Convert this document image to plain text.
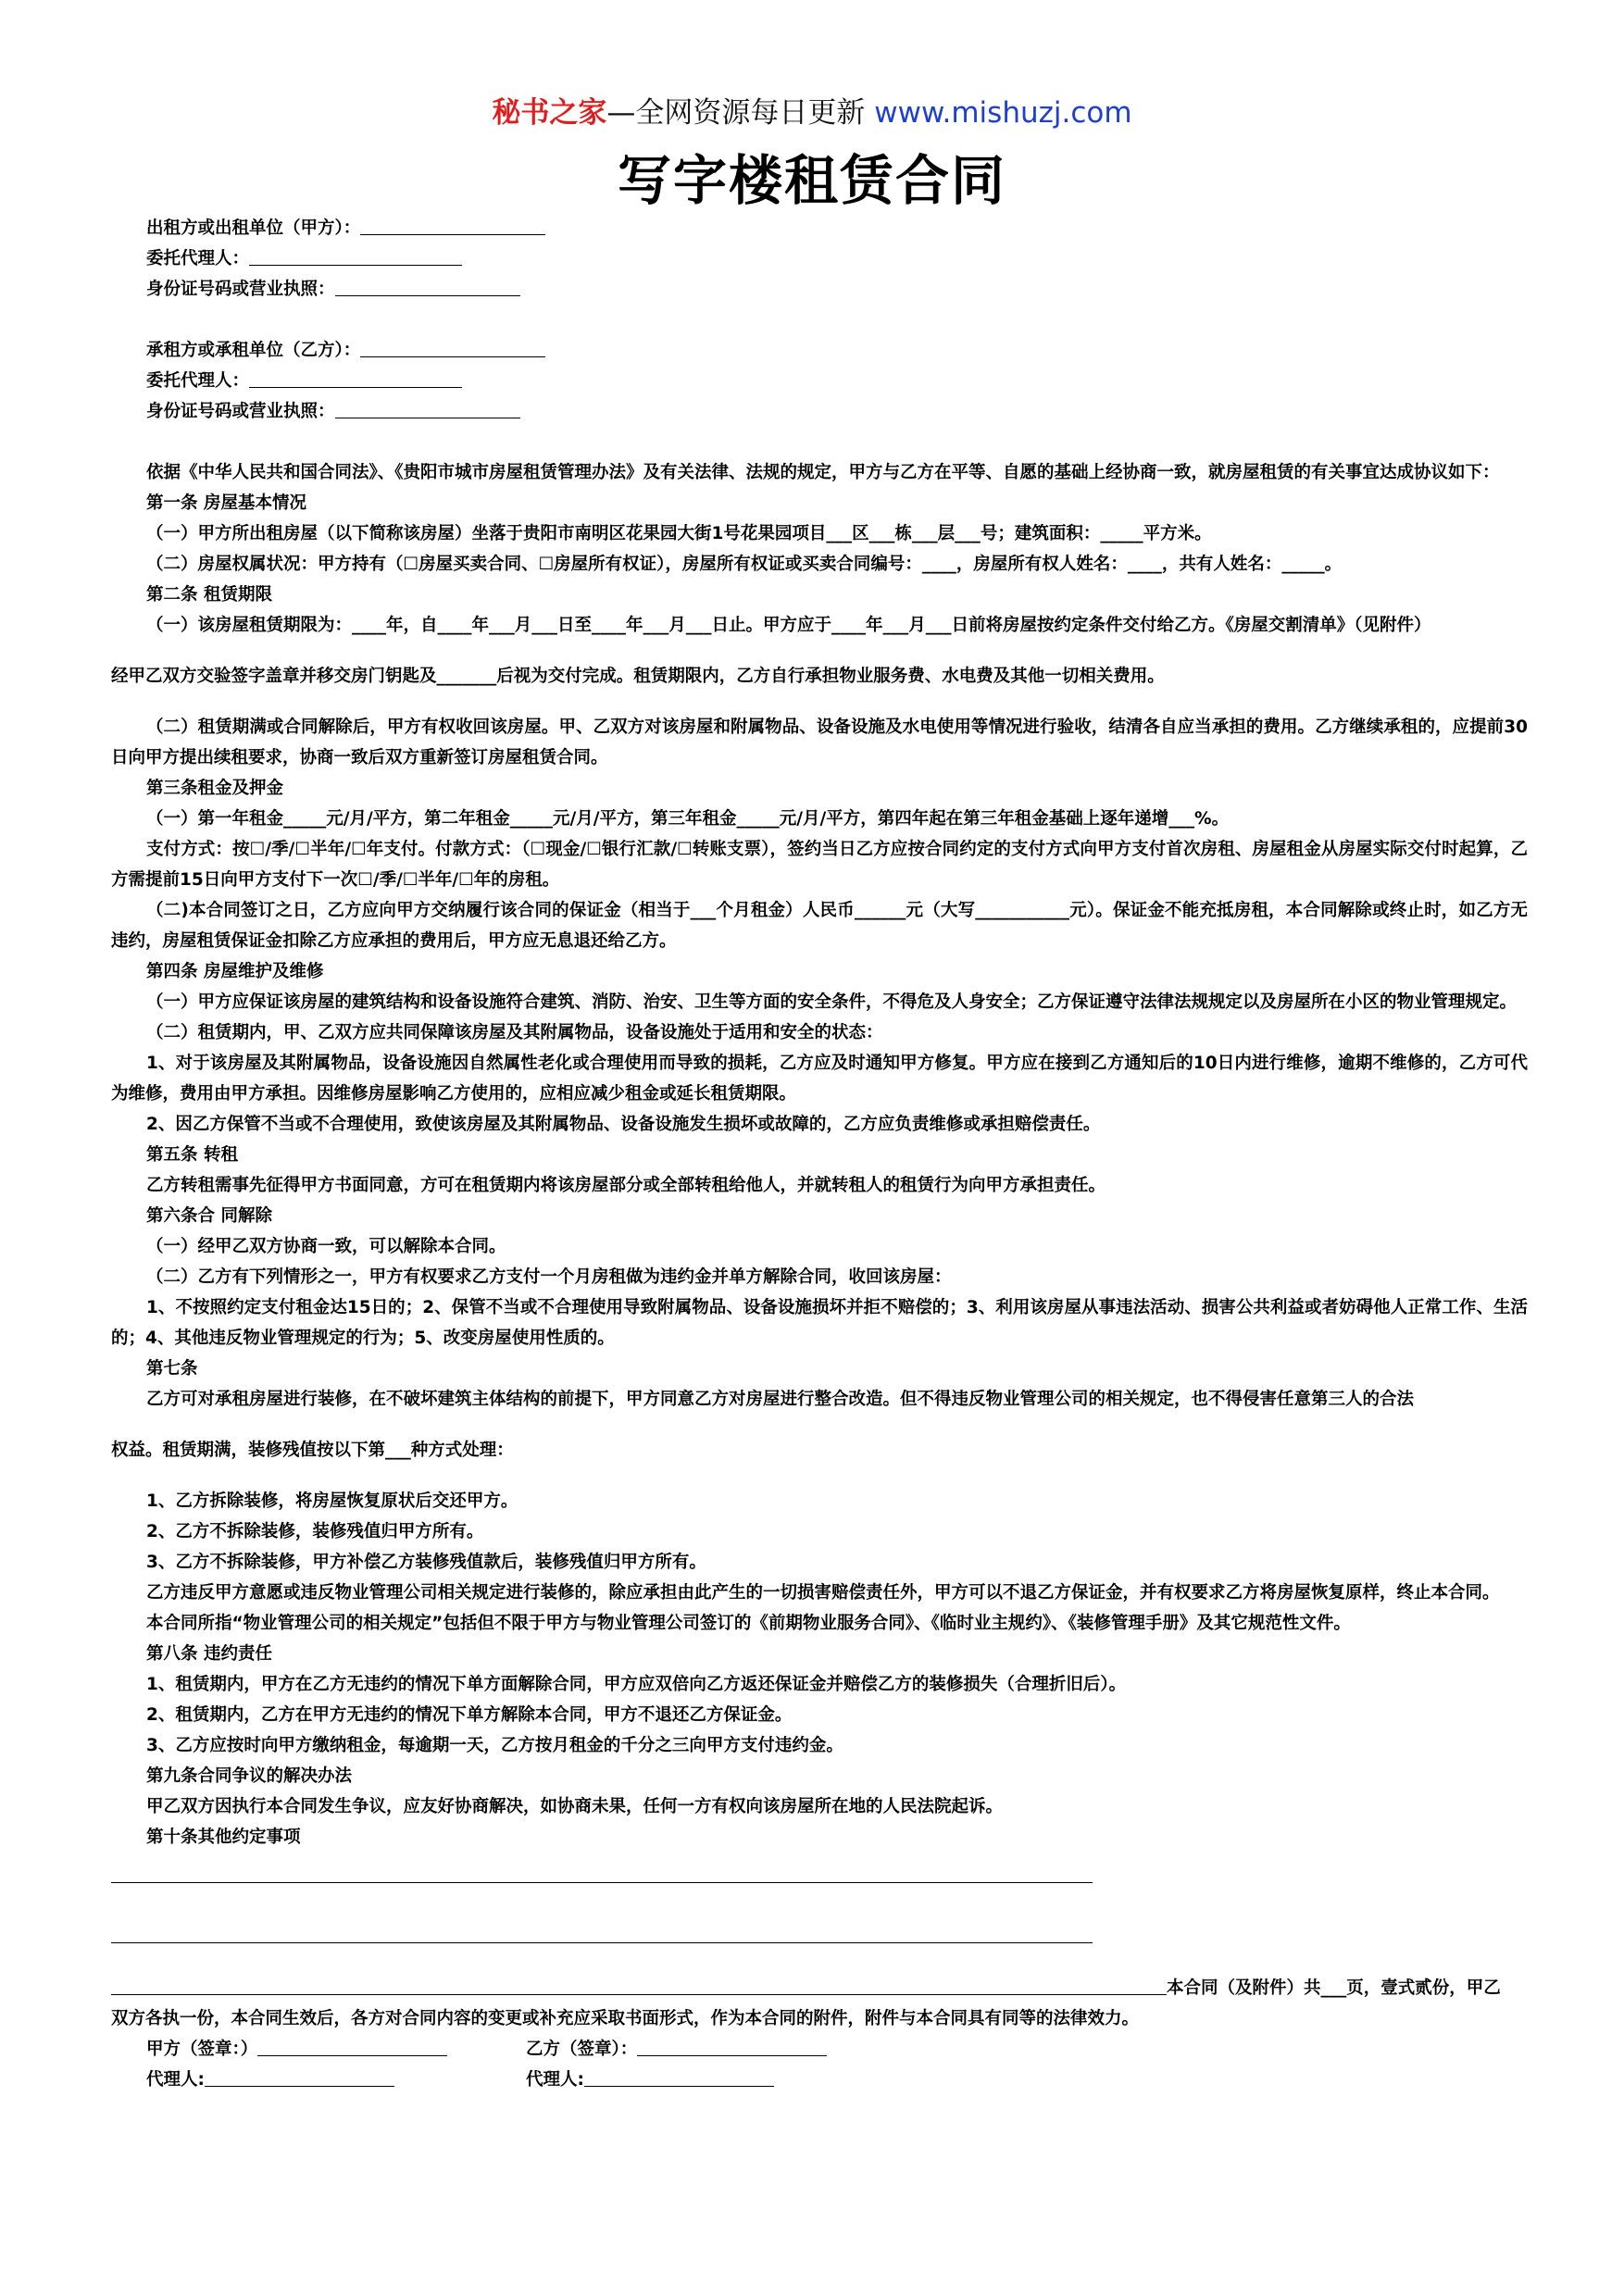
秘书之家—全网资源每日更新 www.mishuzj.com
写字楼租赁合同
出租方或出租单位（甲方）：
委托代理人：
身份证号码或营业执照：
承租方或承租单位（乙方）：
委托代理人：
身份证号码或营业执照：
依据《中华人民共和国合同法》、《贵阳市城市房屋租赁管理办法》及有关法律、法规的规定，甲方与乙方在平等、自愿的基础上经协商一致，就房屋租赁的有关事宜达成协议如下：
第一条 房屋基本情况
（一）甲方所出租房屋（以下简称该房屋）坐落于贵阳市南明区花果园大街1号花果园项目___区___栋___层___号；建筑面积：_____平方米。
（二）房屋权属状况：甲方持有（☐房屋买卖合同、☐房屋所有权证），房屋所有权证或买卖合同编号：____，房屋所有权人姓名：____，共有人姓名：_____。
第二条 租赁期限
（一）该房屋租赁期限为：____年，自____年___月___日至____年___月___日止。甲方应于____年___月___日前将房屋按约定条件交付给乙方。《房屋交割清单》（见附件）
经甲乙双方交验签字盖章并移交房门钥匙及_______后视为交付完成。租赁期限内，乙方自行承担物业服务费、水电费及其他一切相关费用。
（二）租赁期满或合同解除后，甲方有权收回该房屋。甲、乙双方对该房屋和附属物品、设备设施及水电使用等情况进行验收，结清各自应当承担的费用。乙方继续承租的，应提前30日向甲方提出续租要求，协商一致后双方重新签订房屋租赁合同。
第三条租金及押金
（一）第一年租金_____元/月/平方，第二年租金_____元/月/平方，第三年租金_____元/月/平方，第四年起在第三年租金基础上逐年递增___%。
支付方式：按☐/季/☐半年/☐年支付。付款方式：（☐现金/☐银行汇款/☐转账支票），签约当日乙方应按合同约定的支付方式向甲方支付首次房租、房屋租金从房屋实际交付时起算，乙方需提前15日向甲方支付下一次☐/季/☐半年/☐年的房租。
（二)本合同签订之日，乙方应向甲方交纳履行该合同的保证金（相当于___个月租金）人民币______元（大写___________元）。保证金不能充抵房租，本合同解除或终止时，如乙方无违约，房屋租赁保证金扣除乙方应承担的费用后，甲方应无息退还给乙方。
第四条 房屋维护及维修
（一）甲方应保证该房屋的建筑结构和设备设施符合建筑、消防、治安、卫生等方面的安全条件，不得危及人身安全；乙方保证遵守法律法规规定以及房屋所在小区的物业管理规定。
（二）租赁期内，甲、乙双方应共同保障该房屋及其附属物品，设备设施处于适用和安全的状态：
1、对于该房屋及其附属物品，设备设施因自然属性老化或合理使用而导致的损耗，乙方应及时通知甲方修复。甲方应在接到乙方通知后的10日内进行维修，逾期不维修的，乙方可代为维修，费用由甲方承担。因维修房屋影响乙方使用的，应相应减少租金或延长租赁期限。
2、因乙方保管不当或不合理使用，致使该房屋及其附属物品、设备设施发生损坏或故障的，乙方应负责维修或承担赔偿责任。
第五条 转租
乙方转租需事先征得甲方书面同意，方可在租赁期内将该房屋部分或全部转租给他人，并就转租人的租赁行为向甲方承担责任。
第六条合 同解除
（一）经甲乙双方协商一致，可以解除本合同。
（二）乙方有下列情形之一，甲方有权要求乙方支付一个月房租做为违约金并单方解除合同，收回该房屋：
1、不按照约定支付租金达15日的；2、保管不当或不合理使用导致附属物品、设备设施损坏并拒不赔偿的；3、利用该房屋从事违法活动、损害公共利益或者妨碍他人正常工作、生活的；4、其他违反物业管理规定的行为；5、改变房屋使用性质的。
第七条
乙方可对承租房屋进行装修，在不破坏建筑主体结构的前提下，甲方同意乙方对房屋进行整合改造。但不得违反物业管理公司的相关规定，也不得侵害任意第三人的合法
权益。租赁期满，装修残值按以下第___种方式处理：
1、乙方拆除装修，将房屋恢复原状后交还甲方。
2、乙方不拆除装修，装修残值归甲方所有。
3、乙方不拆除装修，甲方补偿乙方装修残值款后，装修残值归甲方所有。
乙方违反甲方意愿或违反物业管理公司相关规定进行装修的，除应承担由此产生的一切损害赔偿责任外，甲方可以不退乙方保证金，并有权要求乙方将房屋恢复原样，终止本合同。
本合同所指“物业管理公司的相关规定”包括但不限于甲方与物业管理公司签订的《前期物业服务合同》、《临时业主规约》、《装修管理手册》及其它规范性文件。
第八条 违约责任
1、租赁期内，甲方在乙方无违约的情况下单方面解除合同，甲方应双倍向乙方返还保证金并赔偿乙方的装修损失（合理折旧后）。
2、租赁期内，乙方在甲方无违约的情况下单方解除本合同，甲方不退还乙方保证金。
3、乙方应按时向甲方缴纳租金，每逾期一天，乙方按月租金的千分之三向甲方支付违约金。
第九条合同争议的解决办法
甲乙双方因执行本合同发生争议，应友好协商解决，如协商未果，任何一方有权向该房屋所在地的人民法院起诉。
第十条其他约定事项
本合同（及附件）共___页，壹式贰份，甲乙
双方各执一份，本合同生效后，各方对合同内容的变更或补充应采取书面形式，作为本合同的附件，附件与本合同具有同等的法律效力。
甲方（签章：）	乙方（签章）：
代理人:	代理人:
